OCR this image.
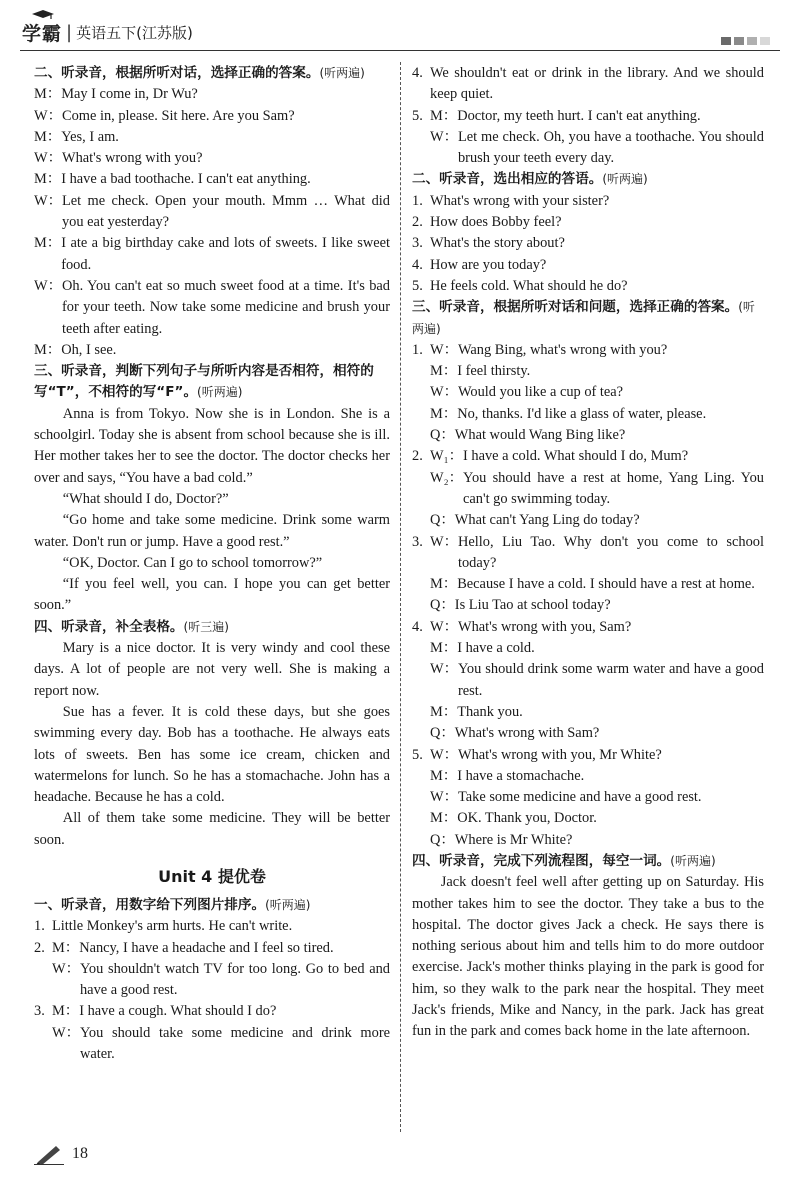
学霸 | 英语五下(江苏版)
二、听录音，根据所听对话，选择正确的答案。(听两遍)
M： May I come in, Dr Wu?
W： Come in, please. Sit here. Are you Sam?
M： Yes, I am.
W： What's wrong with you?
M： I have a bad toothache. I can't eat anything.
W： Let me check. Open your mouth. Mmm … What did you eat yesterday?
M： I ate a big birthday cake and lots of sweets. I like sweet food.
W： Oh. You can't eat so much sweet food at a time. It's bad for your teeth. Now take some medicine and brush your teeth after eating.
M： Oh, I see.
三、听录音，判断下列句子与所听内容是否相符，相符的写“T”，不相符的写“F”。(听两遍)

Anna is from Tokyo. Now she is in London. She is a schoolgirl. Today she is absent from school because she is ill. Her mother takes her to see the doctor. The doctor checks her over and says, “You have a bad cold.”

“What should I do, Doctor?”

“Go home and take some medicine. Drink some warm water. Don't run or jump. Have a good rest.”

“OK, Doctor. Can I go to school tomorrow?”

“If you feel well, you can. I hope you can get better soon.”

四、听录音，补全表格。(听三遍)

Mary is a nice doctor. It is very windy and cool these days. A lot of people are not very well. She is making a report now.

Sue has a fever. It is cold these days, but she goes swimming every day. Bob has a toothache. He always eats lots of sweets. Ben has some ice cream, chicken and watermelons for lunch. So he has a stomachache. John has a headache. Because he has a cold.

All of them take some medicine. They will be better soon.

Unit 4 提优卷
一、听录音，用数字给下列图片排序。(听两遍)
1. Little Monkey's arm hurts. He can't write.
2. M： Nancy, I have a headache and I feel so tired.
W： You shouldn't watch TV for too long. Go to bed and have a good rest.
3. M： I have a cough. What should I do?
W： You should take some medicine and drink more water.
4. We shouldn't eat or drink in the library. And we should keep quiet.
5. M： Doctor, my teeth hurt. I can't eat anything.
W： Let me check. Oh, you have a toothache. You should brush your teeth every day.
二、听录音，选出相应的答语。(听两遍)
1. What's wrong with your sister?
2. How does Bobby feel?
3. What's the story about?
4. How are you today?
5. He feels cold. What should he do?
三、听录音，根据所听对话和问题，选择正确的答案。(听两遍)
1. W： Wang Bing, what's wrong with you?
M： I feel thirsty.
W： Would you like a cup of tea?
M： No, thanks. I'd like a glass of water, please.
Q： What would Wang Bing like?
2. W₁： I have a cold. What should I do, Mum?
W₂： You should have a rest at home, Yang Ling. You can't go swimming today.
Q： What can't Yang Ling do today?
3. W： Hello, Liu Tao. Why don't you come to school today?
M： Because I have a cold. I should have a rest at home.
Q： Is Liu Tao at school today?
4. W： What's wrong with you, Sam?
M： I have a cold.
W： You should drink some warm water and have a good rest.
M： Thank you.
Q： What's wrong with Sam?
5. W： What's wrong with you, Mr White?
M： I have a stomachache.
W： Take some medicine and have a good rest.
M： OK. Thank you, Doctor.
Q： Where is Mr White?
四、听录音，完成下列流程图，每空一词。(听两遍)

Jack doesn't feel well after getting up on Saturday. His mother takes him to see the doctor. They take a bus to the hospital. The doctor gives Jack a check. He says there is nothing serious about him and tells him to do more outdoor exercise. Jack's mother thinks playing in the park is good for him, so they walk to the park near the hospital. They meet Jack's friends, Mike and Nancy, in the park. Jack has great fun in the park and comes back home in the late afternoon.

18
